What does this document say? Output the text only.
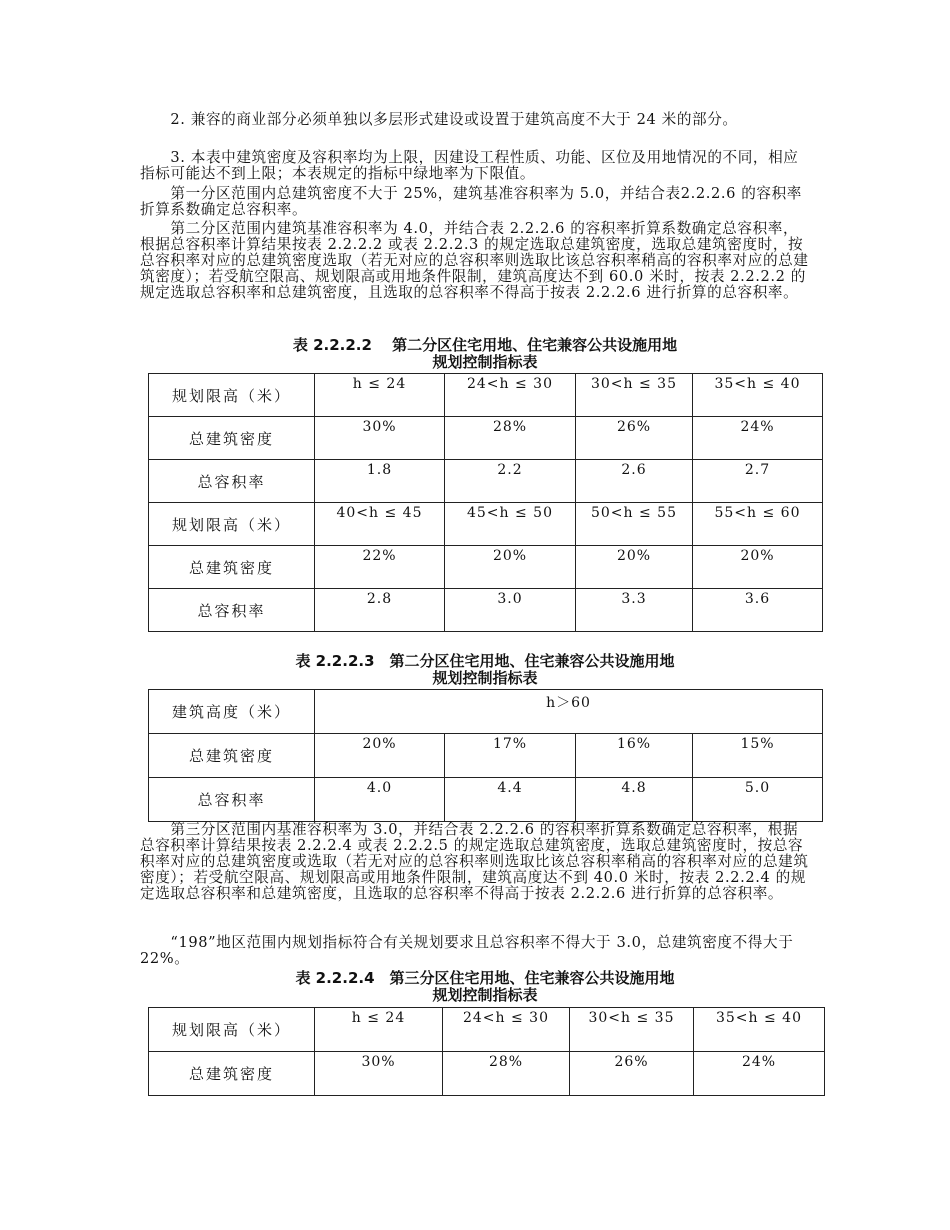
　　2. 兼容的商业部分必须单独以多层形式建设或设置于建筑高度不大于 24 米的部分。

　　3. 本表中建筑密度及容积率均为上限，因建设工程性质、功能、区位及用地情况的不同，相应指标可能达不到上限；本表规定的指标中绿地率为下限值。

　　第一分区范围内总建筑密度不大于 25%，建筑基准容积率为 5.0，并结合表2.2.2.6 的容积率折算系数确定总容积率。

　　第二分区范围内建筑基准容积率为 4.0，并结合表 2.2.2.6 的容积率折算系数确定总容积率，根据总容积率计算结果按表 2.2.2.2 或表 2.2.2.3 的规定选取总建筑密度，选取总建筑密度时，按总容积率对应的总建筑密度选取（若无对应的总容积率则选取比该总容积率稍高的容积率对应的总建筑密度）；若受航空限高、规划限高或用地条件限制，建筑高度达不到 60.0 米时，按表 2.2.2.2 的规定选取总容积率和总建筑密度，且选取的总容积率不得高于按表 2.2.2.6 进行折算的总容积率。

表 2.2.2.2　 第二分区住宅用地、住宅兼容公共设施用地
规划控制指标表
规划限高（米）	h ≤ 24	24<h ≤ 30	30<h ≤ 35	35<h ≤ 40
总建筑密度	30%	28%	26%	24%
总容积率	1.8	2.2	2.6	2.7
规划限高（米）	40<h ≤ 45	45<h ≤ 50	50<h ≤ 55	55<h ≤ 60
总建筑密度	22%	20%	20%	20%
总容积率	2.8	3.0	3.3	3.6
表 2.2.2.3　第二分区住宅用地、住宅兼容公共设施用地
规划控制指标表
建筑高度（米）	h＞60			
总建筑密度	20%	17%	16%	15%
总容积率	4.0	4.4	4.8	5.0

　　第三分区范围内基准容积率为 3.0，并结合表 2.2.2.6 的容积率折算系数确定总容积率，根据总容积率计算结果按表 2.2.2.4 或表 2.2.2.5 的规定选取总建筑密度，选取总建筑密度时，按总容积率对应的总建筑密度或选取（若无对应的总容积率则选取比该总容积率稍高的容积率对应的总建筑密度）；若受航空限高、规划限高或用地条件限制，建筑高度达不到 40.0 米时，按表 2.2.2.4 的规定选取总容积率和总建筑密度，且选取的总容积率不得高于按表 2.2.2.6 进行折算的总容积率。

　　“198”地区范围内规划指标符合有关规划要求且总容积率不得大于 3.0，总建筑密度不得大于 22%。

表 2.2.2.4　第三分区住宅用地、住宅兼容公共设施用地
规划控制指标表
规划限高（米）	h ≤ 24	24<h ≤ 30	30<h ≤ 35	35<h ≤ 40
总建筑密度	30%	28%	26%	24%
